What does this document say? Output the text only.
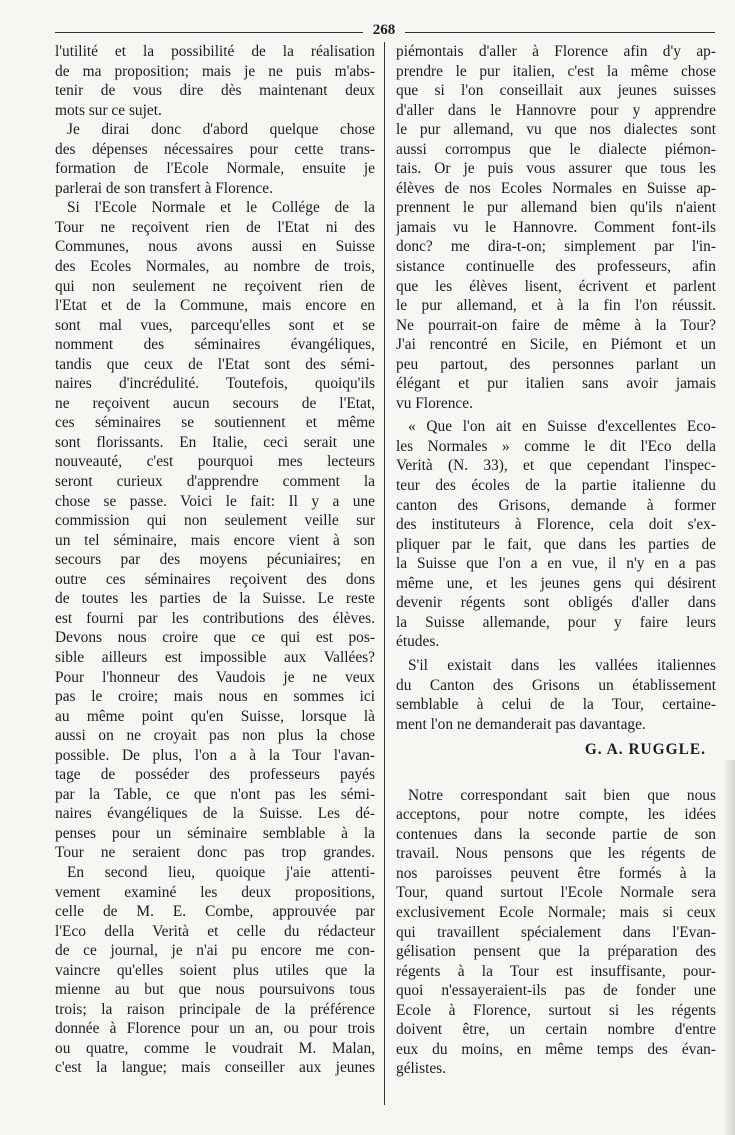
268
l'utilité et la possibilité de la réalisation
de ma proposition; mais je ne puis m'abs-
tenir de vous dire dès maintenant deux
mots sur ce sujet.
Je dirai donc d'abord quelque chose
des dépenses nécessaires pour cette trans-
formation de l'Ecole Normale, ensuite je
parlerai de son transfert à Florence.
Si l'Ecole Normale et le Collége de la
Tour ne reçoivent rien de l'Etat ni des
Communes, nous avons aussi en Suisse
des Ecoles Normales, au nombre de trois,
qui non seulement ne reçoivent rien de
l'Etat et de la Commune, mais encore en
sont mal vues, parcequ'elles sont et se
nomment des séminaires évangéliques,
tandis que ceux de l'Etat sont des sémi-
naires d'incrédulité. Toutefois, quoiqu'ils
ne reçoivent aucun secours de l'Etat,
ces séminaires se soutiennent et même
sont florissants. En Italie, ceci serait une
nouveauté, c'est pourquoi mes lecteurs
seront curieux d'apprendre comment la
chose se passe. Voici le fait: Il y a une
commission qui non seulement veille sur
un tel séminaire, mais encore vient à son
secours par des moyens pécuniaires; en
outre ces séminaires reçoivent des dons
de toutes les parties de la Suisse. Le reste
est fourni par les contributions des élèves.
Devons nous croire que ce qui est pos-
sible ailleurs est impossible aux Vallées?
Pour l'honneur des Vaudois je ne veux
pas le croire; mais nous en sommes ici
au même point qu'en Suisse, lorsque là
aussi on ne croyait pas non plus la chose
possible. De plus, l'on a à la Tour l'avan-
tage de posséder des professeurs payés
par la Table, ce que n'ont pas les sémi-
naires évangéliques de la Suisse. Les dé-
penses pour un séminaire semblable à la
Tour ne seraient donc pas trop grandes.
En second lieu, quoique j'aie attenti-
vement examiné les deux propositions,
celle de M. E. Combe, approuvée par
l'Eco della Verità et celle du rédacteur
de ce journal, je n'ai pu encore me con-
vaincre qu'elles soient plus utiles que la
mienne au but que nous poursuivons tous
trois; la raison principale de la préférence
donnée à Florence pour un an, ou pour trois
ou quatre, comme le voudrait M. Malan,
c'est la langue; mais conseiller aux jeunes
piémontais d'aller à Florence afin d'y ap-
prendre le pur italien, c'est la même chose
que si l'on conseillait aux jeunes suisses
d'aller dans le Hannovre pour y apprendre
le pur allemand, vu que nos dialectes sont
aussi corrompus que le dialecte piémon-
tais. Or je puis vous assurer que tous les
élèves de nos Ecoles Normales en Suisse ap-
prennent le pur allemand bien qu'ils n'aient
jamais vu le Hannovre. Comment font-ils
donc? me dira-t-on; simplement par l'in-
sistance continuelle des professeurs, afin
que les élèves lisent, écrivent et parlent
le pur allemand, et à la fin l'on réussit.
Ne pourrait-on faire de même à la Tour?
J'ai rencontré en Sicile, en Piémont et un
peu partout, des personnes parlant un
élégant et pur italien sans avoir jamais
vu Florence.
« Que l'on ait en Suisse d'excellentes Eco-
les Normales » comme le dit l'Eco della
Verità (N. 33), et que cependant l'inspec-
teur des écoles de la partie italienne du
canton des Grisons, demande à former
des instituteurs à Florence, cela doit s'ex-
pliquer par le fait, que dans les parties de
la Suisse que l'on a en vue, il n'y en a pas
même une, et les jeunes gens qui désirent
devenir régents sont obligés d'aller dans
la Suisse allemande, pour y faire leurs
études.
S'il existait dans les vallées italiennes
du Canton des Grisons un établissement
semblable à celui de la Tour, certaine-
ment l'on ne demanderait pas davantage.
G. A. RUGGLE.
Notre correspondant sait bien que nous
acceptons, pour notre compte, les idées
contenues dans la seconde partie de son
travail. Nous pensons que les régents de
nos paroisses peuvent être formés à la
Tour, quand surtout l'Ecole Normale sera
exclusivement Ecole Normale; mais si ceux
qui travaillent spécialement dans l'Evan-
gélisation pensent que la préparation des
régents à la Tour est insuffisante, pour-
quoi n'essayeraient-ils pas de fonder une
Ecole à Florence, surtout si les régents
doivent être, un certain nombre d'entre
eux du moins, en même temps des évan-
gélistes.
